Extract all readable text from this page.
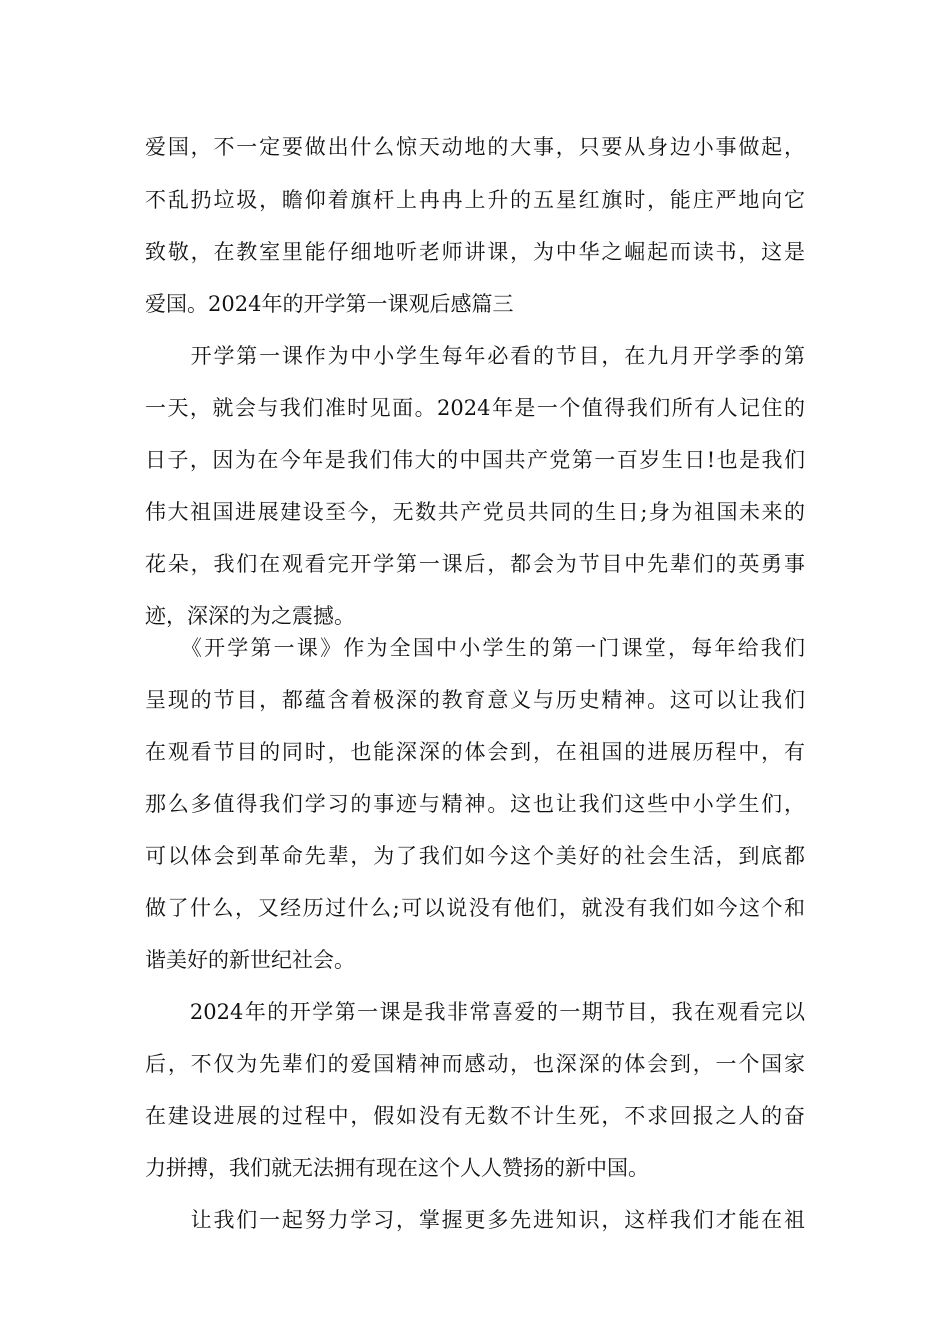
爱国，不一定要做出什么惊天动地的大事，只要从身边小事做起，
不乱扔垃圾，瞻仰着旗杆上冉冉上升的五星红旗时，能庄严地向它
致敬，在教室里能仔细地听老师讲课，为中华之崛起而读书，这是
爱国。2024年的开学第一课观后感篇三
　　开学第一课作为中小学生每年必看的节目，在九月开学季的第
一天，就会与我们准时见面。2024年是一个值得我们所有人记住的
日子，因为在今年是我们伟大的中国共产党第一百岁生日!也是我们
伟大祖国进展建设至今，无数共产党员共同的生日;身为祖国未来的
花朵，我们在观看完开学第一课后，都会为节目中先辈们的英勇事
迹，深深的为之震撼。
　　《开学第一课》作为全国中小学生的第一门课堂，每年给我们
呈现的节目，都蕴含着极深的教育意义与历史精神。这可以让我们
在观看节目的同时，也能深深的体会到，在祖国的进展历程中，有
那么多值得我们学习的事迹与精神。这也让我们这些中小学生们，
可以体会到革命先辈，为了我们如今这个美好的社会生活，到底都
做了什么，又经历过什么;可以说没有他们，就没有我们如今这个和
谐美好的新世纪社会。
　　2024年的开学第一课是我非常喜爱的一期节目，我在观看完以
后，不仅为先辈们的爱国精神而感动，也深深的体会到，一个国家
在建设进展的过程中，假如没有无数不计生死，不求回报之人的奋
力拼搏，我们就无法拥有现在这个人人赞扬的新中国。
　　让我们一起努力学习，掌握更多先进知识，这样我们才能在祖
